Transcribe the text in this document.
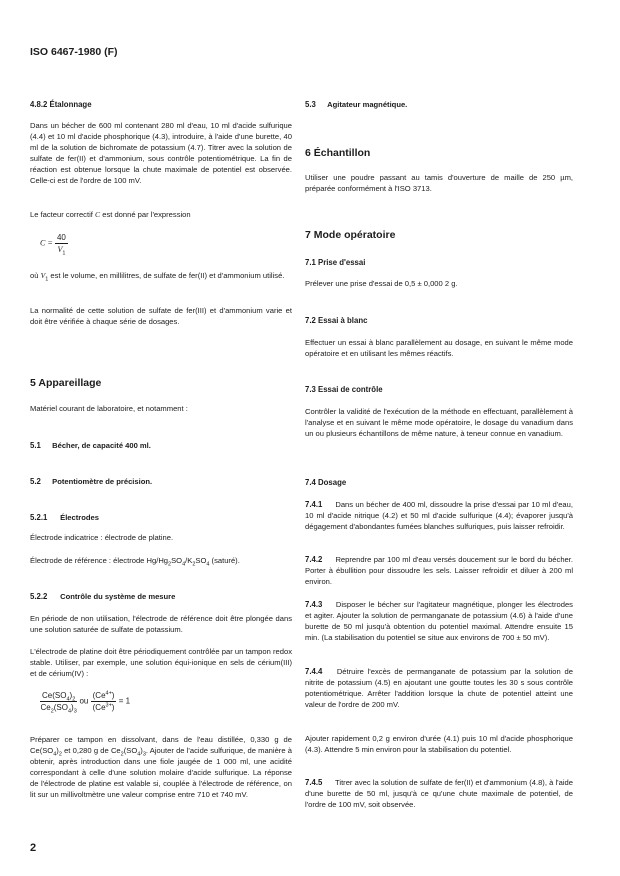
ISO 6467-1980 (F)

4.8.2 Étalonnage

Dans un bécher de 600 ml contenant 280 ml d'eau, 10 ml d'acide sulfurique (4.4) et 10 ml d'acide phosphorique (4.3), introduire, à l'aide d'une burette, 40 ml de la solution de bichromate de potassium (4.7). Titrer avec la solution de sulfate de fer(II) et d'ammonium, sous contrôle potentiométrique. La fin de réaction est obtenue lorsque la chute maximale de potentiel est observée. Celle-ci est de l'ordre de 100 mV.

Le facteur correctif C est donné par l'expression

$C = \frac{40}{V_1}$

où $V_1$ est le volume, en millilitres, de sulfate de fer(II) et d'ammonium utilisé.

La normalité de cette solution de sulfate de fer(III) et d'ammonium varie et doit être vérifiée à chaque série de dosages.

5 Appareillage

Matériel courant de laboratoire, et notamment :

5.1 Bécher, de capacité 400 ml.

5.2 Potentiomètre de précision.

5.2.1 Électrodes

Électrode indicatrice : électrode de platine.

Électrode de référence : électrode $Hg/Hg_2SO_4/K_2SO_4$ (saturé).

5.2.2 Contrôle du système de mesure

En période de non utilisation, l'électrode de référence doit être plongée dans une solution saturée de sulfate de potassium.

L'électrode de platine doit être périodiquement contrôlée par un tampon redox stable. Utiliser, par exemple, une solution équi-ionique en sels de cérium(III) et de cérium(IV) :

$\frac{Ce(SO_4)_2}{Ce_2(SO_4)_3}$ ou $\frac{(Ce^{4+})}{(Ce^{3+})} = 1$

Préparer ce tampon en dissolvant, dans de l'eau distillée, 0,330 g de $Ce(SO_4)_2$ et 0,280 g de $Ce_2(SO_4)_3$. Ajouter de l'acide sulfurique, de manière à obtenir, après introduction dans une fiole jaugée de 1 000 ml, une acidité correspondant à celle d'une solution molaire d'acide sulfurique. La réponse de l'électrode de platine est valable si, couplée à l'électrode de référence, on lit sur un millivoltmètre une valeur comprise entre 710 et 740 mV.

5.3 Agitateur magnétique.

6 Échantillon

Utiliser une poudre passant au tamis d'ouverture de maille de 250 µm, préparée conformément à l'ISO 3713.

7 Mode opératoire

7.1 Prise d'essai

Prélever une prise d'essai de 0,5 ± 0,000 2 g.

7.2 Essai à blanc

Effectuer un essai à blanc parallèlement au dosage, en suivant le même mode opératoire et en utilisant les mêmes réactifs.

7.3 Essai de contrôle

Contrôler la validité de l'exécution de la méthode en effectuant, parallèlement à l'analyse et en suivant le même mode opératoire, le dosage du vanadium dans un ou plusieurs échantillons de même nature, à teneur connue en vanadium.

7.4 Dosage

7.4.1 Dans un bécher de 400 ml, dissoudre la prise d'essai par 10 ml d'eau, 10 ml d'acide nitrique (4.2) et 50 ml d'acide sulfurique (4.4); évaporer jusqu'à dégagement d'abondantes fumées blanches sulfuriques, puis laisser refroidir.

7.4.2 Reprendre par 100 ml d'eau versés doucement sur le bord du bécher. Porter à ébullition pour dissoudre les sels. Laisser refroidir et diluer à 200 ml environ.

7.4.3 Disposer le bécher sur l'agitateur magnétique, plonger les électrodes et agiter. Ajouter la solution de permanganate de potassium (4.6) à l'aide d'une burette de 50 ml jusqu'à obtention du potentiel maximal. Attendre ensuite 15 min. (La stabilisation du potentiel se situe aux environs de 700 ± 50 mV).

7.4.4 Détruire l'excès de permanganate de potassium par la solution de nitrite de potassium (4.5) en ajoutant une goutte toutes les 30 s sous contrôle potentiométrique. Arrêter l'addition lorsque la chute de potentiel atteint une valeur de l'ordre de 200 mV.

Ajouter rapidement 0,2 g environ d'urée (4.1) puis 10 ml d'acide phosphorique (4.3). Attendre 5 min environ pour la stabilisation du potentiel.

7.4.5 Titrer avec la solution de sulfate de fer(II) et d'ammonium (4.8), à l'aide d'une burette de 50 ml, jusqu'à ce qu'une chute maximale de potentiel, de l'ordre de 100 mV, soit observée.

2
